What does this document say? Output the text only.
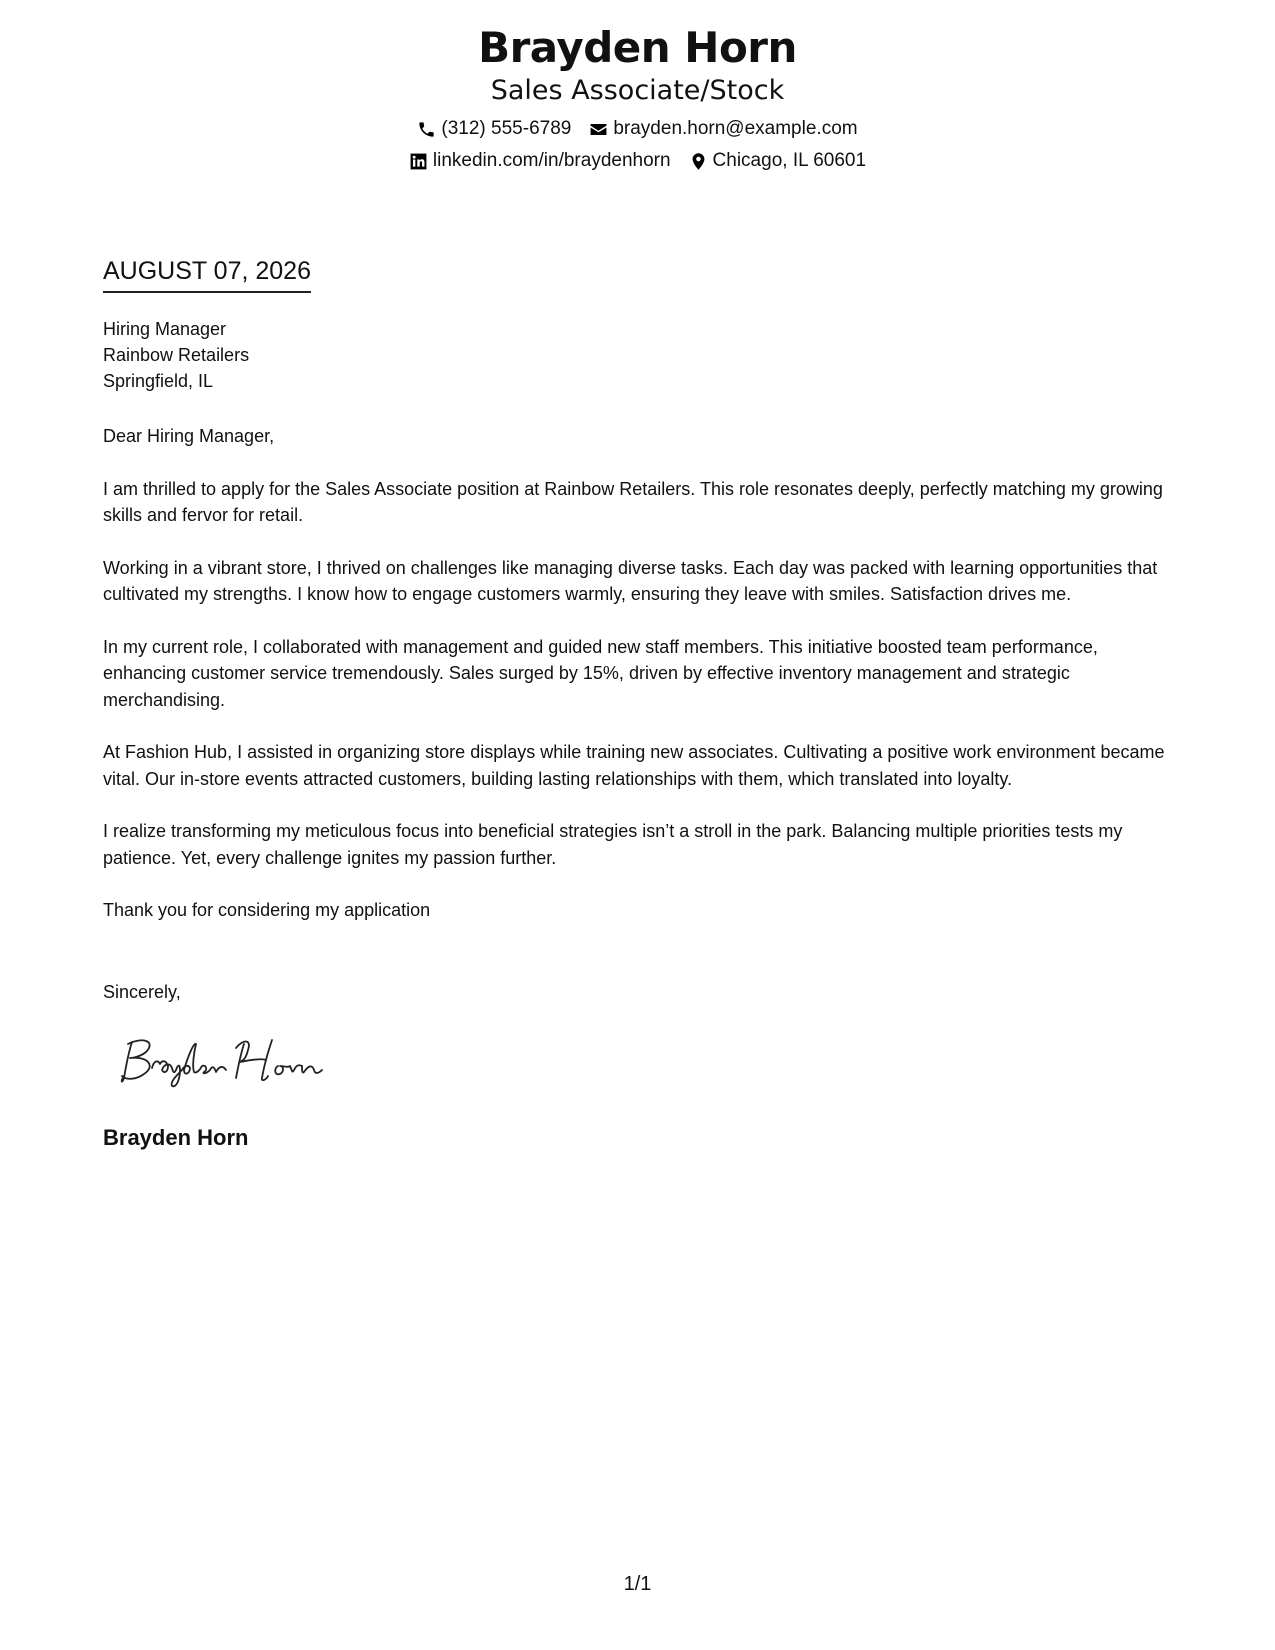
Brayden Horn
Sales Associate/Stock
(312) 555-6789 brayden.horn@example.com
linkedin.com/in/braydenhorn Chicago, IL 60601
AUGUST 07, 2026
Hiring Manager
Rainbow Retailers
Springfield, IL

Dear Hiring Manager,

I am thrilled to apply for the Sales Associate position at Rainbow Retailers. This role resonates deeply, perfectly matching my growing skills and fervor for retail.

Working in a vibrant store, I thrived on challenges like managing diverse tasks. Each day was packed with learning opportunities that cultivated my strengths. I know how to engage customers warmly, ensuring they leave with smiles. Satisfaction drives me.

In my current role, I collaborated with management and guided new staff members. This initiative boosted team performance, enhancing customer service tremendously. Sales surged by 15%, driven by effective inventory management and strategic merchandising.

At Fashion Hub, I assisted in organizing store displays while training new associates. Cultivating a positive work environment became vital. Our in-store events attracted customers, building lasting relationships with them, which translated into loyalty.

I realize transforming my meticulous focus into beneficial strategies isn’t a stroll in the park. Balancing multiple priorities tests my patience. Yet, every challenge ignites my passion further.

Thank you for considering my application

Sincerely,
Brayden Horn
1/1
